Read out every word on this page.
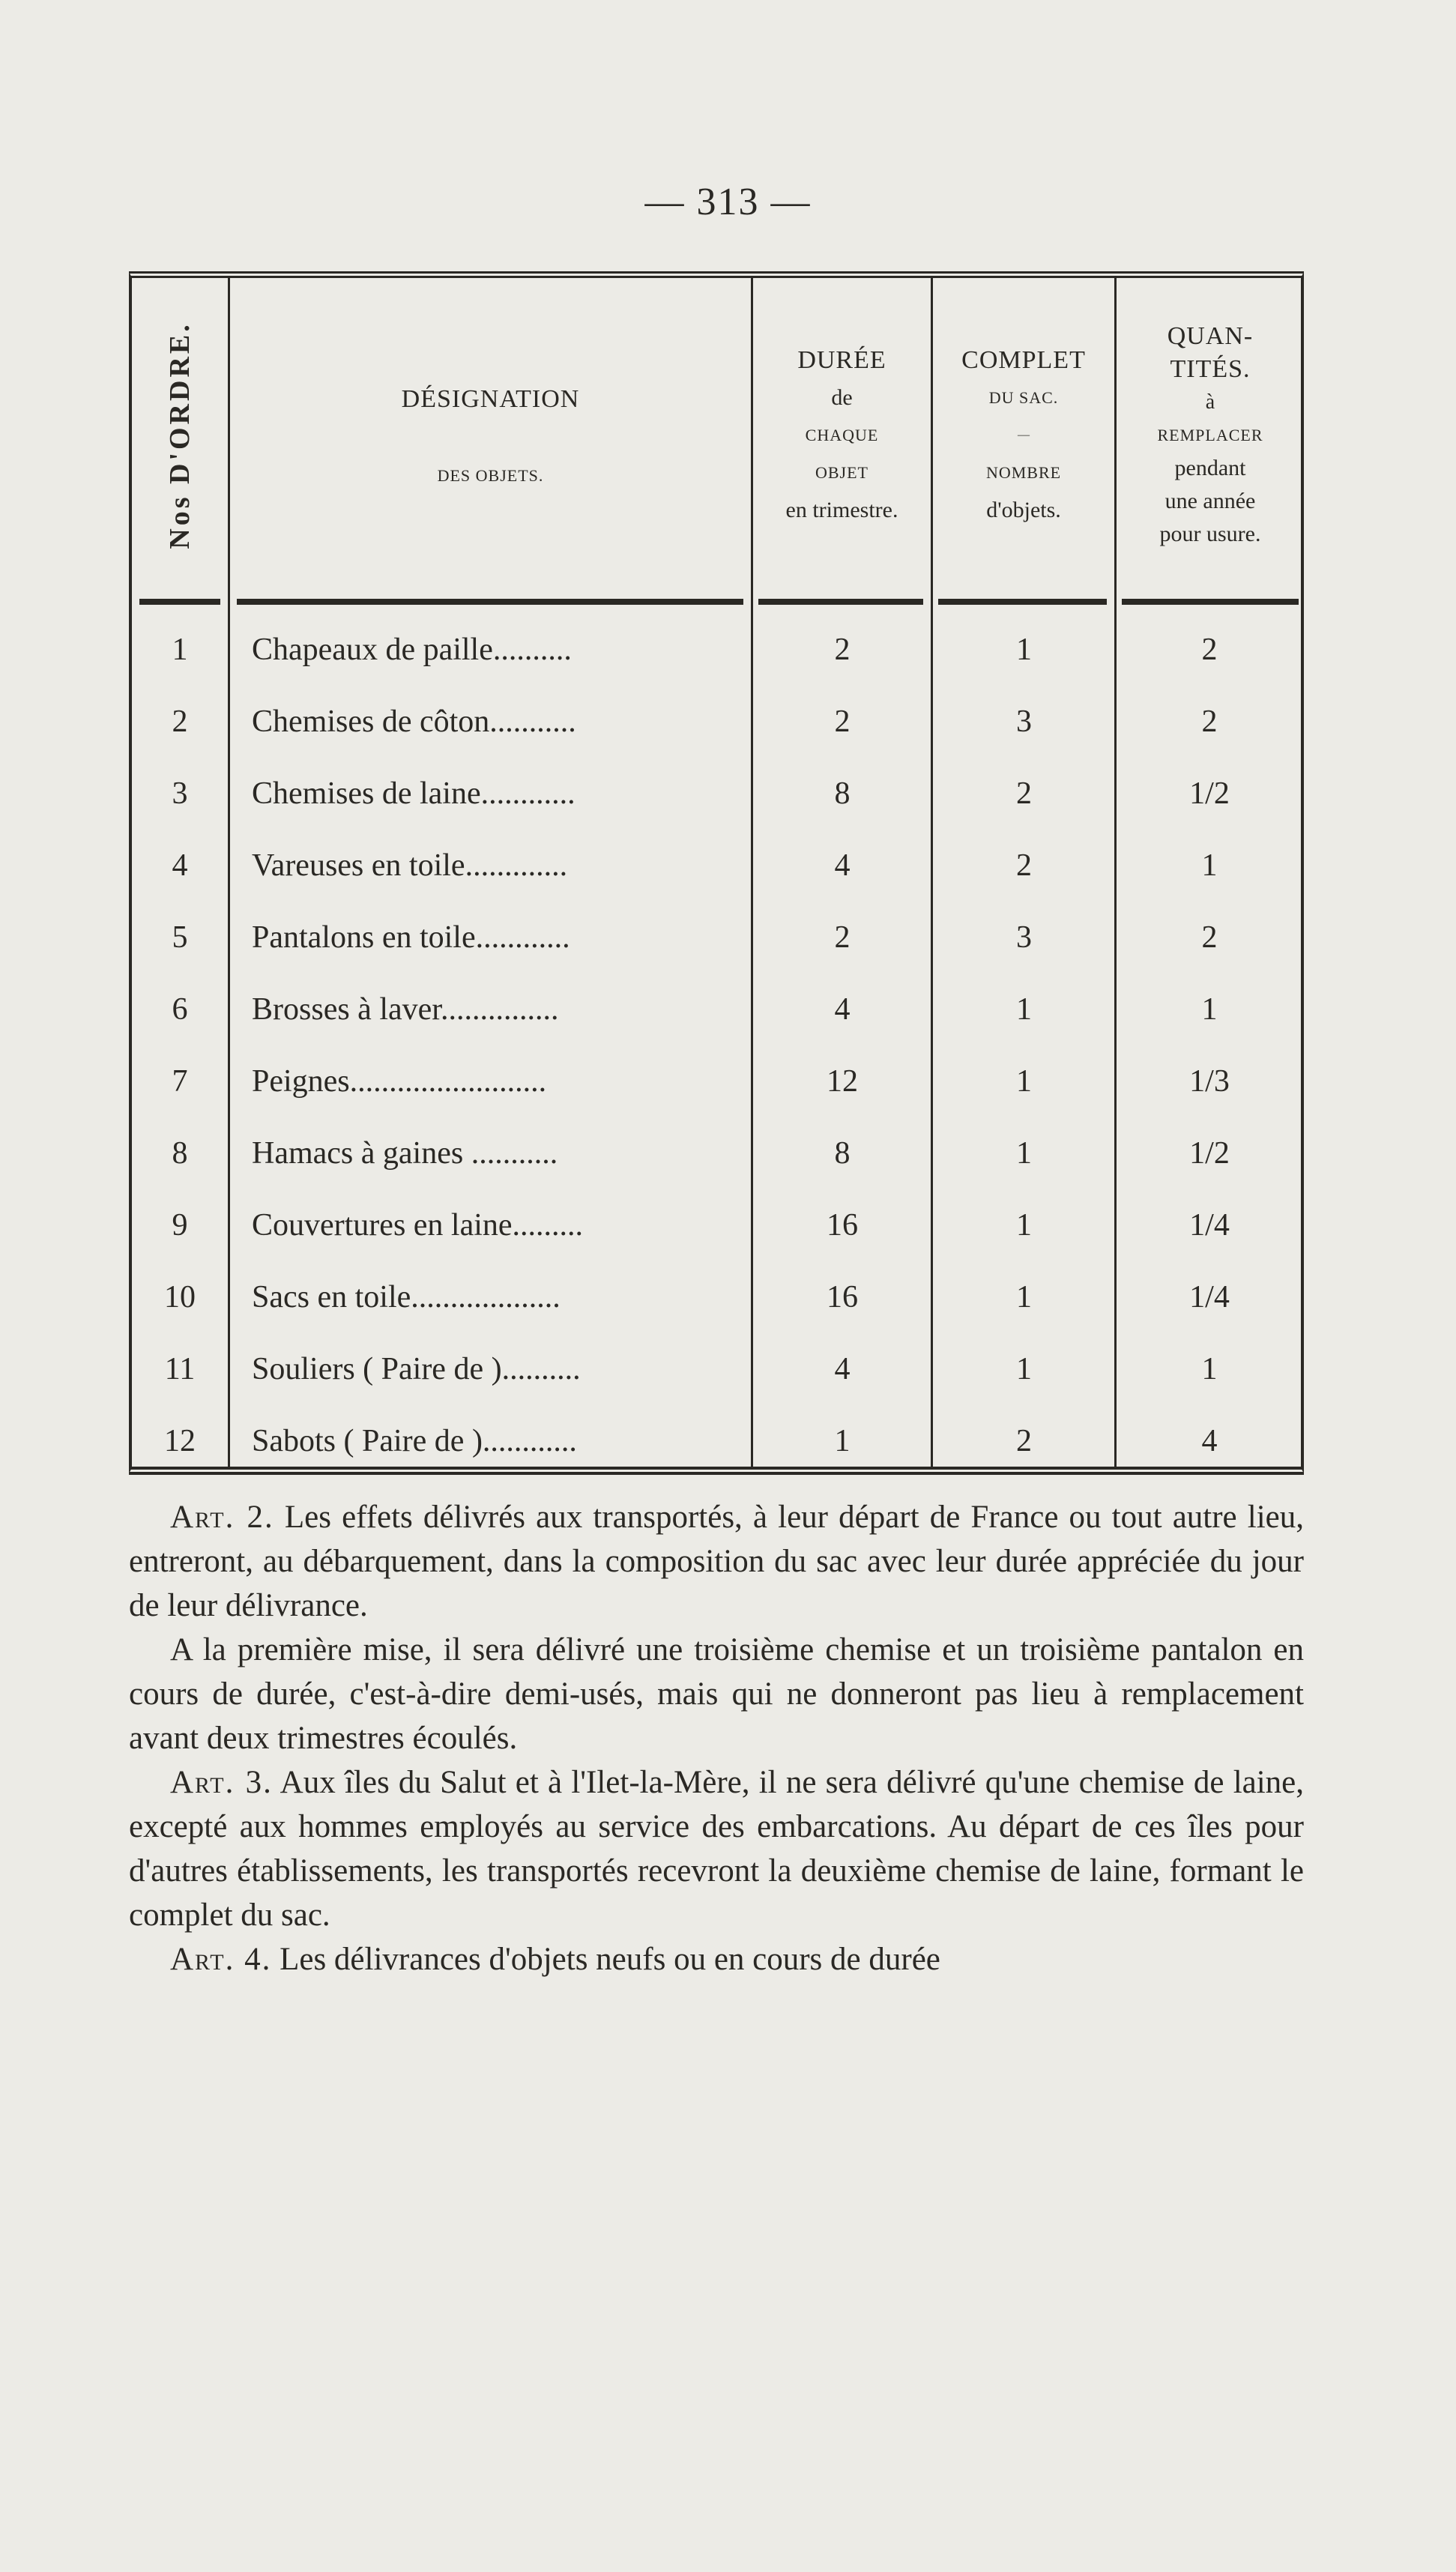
— 313 —
Nos D'ORDRE.	DÉSIGNATION
DES OBJETS.
DURÉE
de
CHAQUE
OBJET
en trimestre.
COMPLET
DU SAC.
—
NOMBRE
d'objets.
QUAN-
TITÉS.
à
REMPLACER
pendant
une année
pour usure.
1	Chapeaux de paille..........	2	1	2
2	Chemises de côton...........	2	3	2
3	Chemises de laine............	8	2	1/2
4	Vareuses en toile.............	4	2	1
5	Pantalons en toile............	2	3	2
6	Brosses à laver...............	4	1	1
7	Peignes.........................	12	1	1/3
8	Hamacs à gaines ...........	8	1	1/2
9	Couvertures en laine.........	16	1	1/4
10	Sacs en toile...................	16	1	1/4
11	Souliers ( Paire de )..........	4	1	1
12	Sabots ( Paire de )............	1	2	4

Art. 2. Les effets délivrés aux transportés, à leur départ de France ou tout autre lieu, entreront, au débarquement, dans la composition du sac avec leur durée appréciée du jour de leur délivrance.

A la première mise, il sera délivré une troisième chemise et un troisième pantalon en cours de durée, c'est-à-dire demi-usés, mais qui ne donneront pas lieu à remplacement avant deux trimestres écoulés.

Art. 3. Aux îles du Salut et à l'Ilet-la-Mère, il ne sera délivré qu'une chemise de laine, excepté aux hommes employés au service des embarcations. Au départ de ces îles pour d'autres établissements, les transportés recevront la deuxième chemise de laine, formant le complet du sac.

Art. 4. Les délivrances d'objets neufs ou en cours de durée
